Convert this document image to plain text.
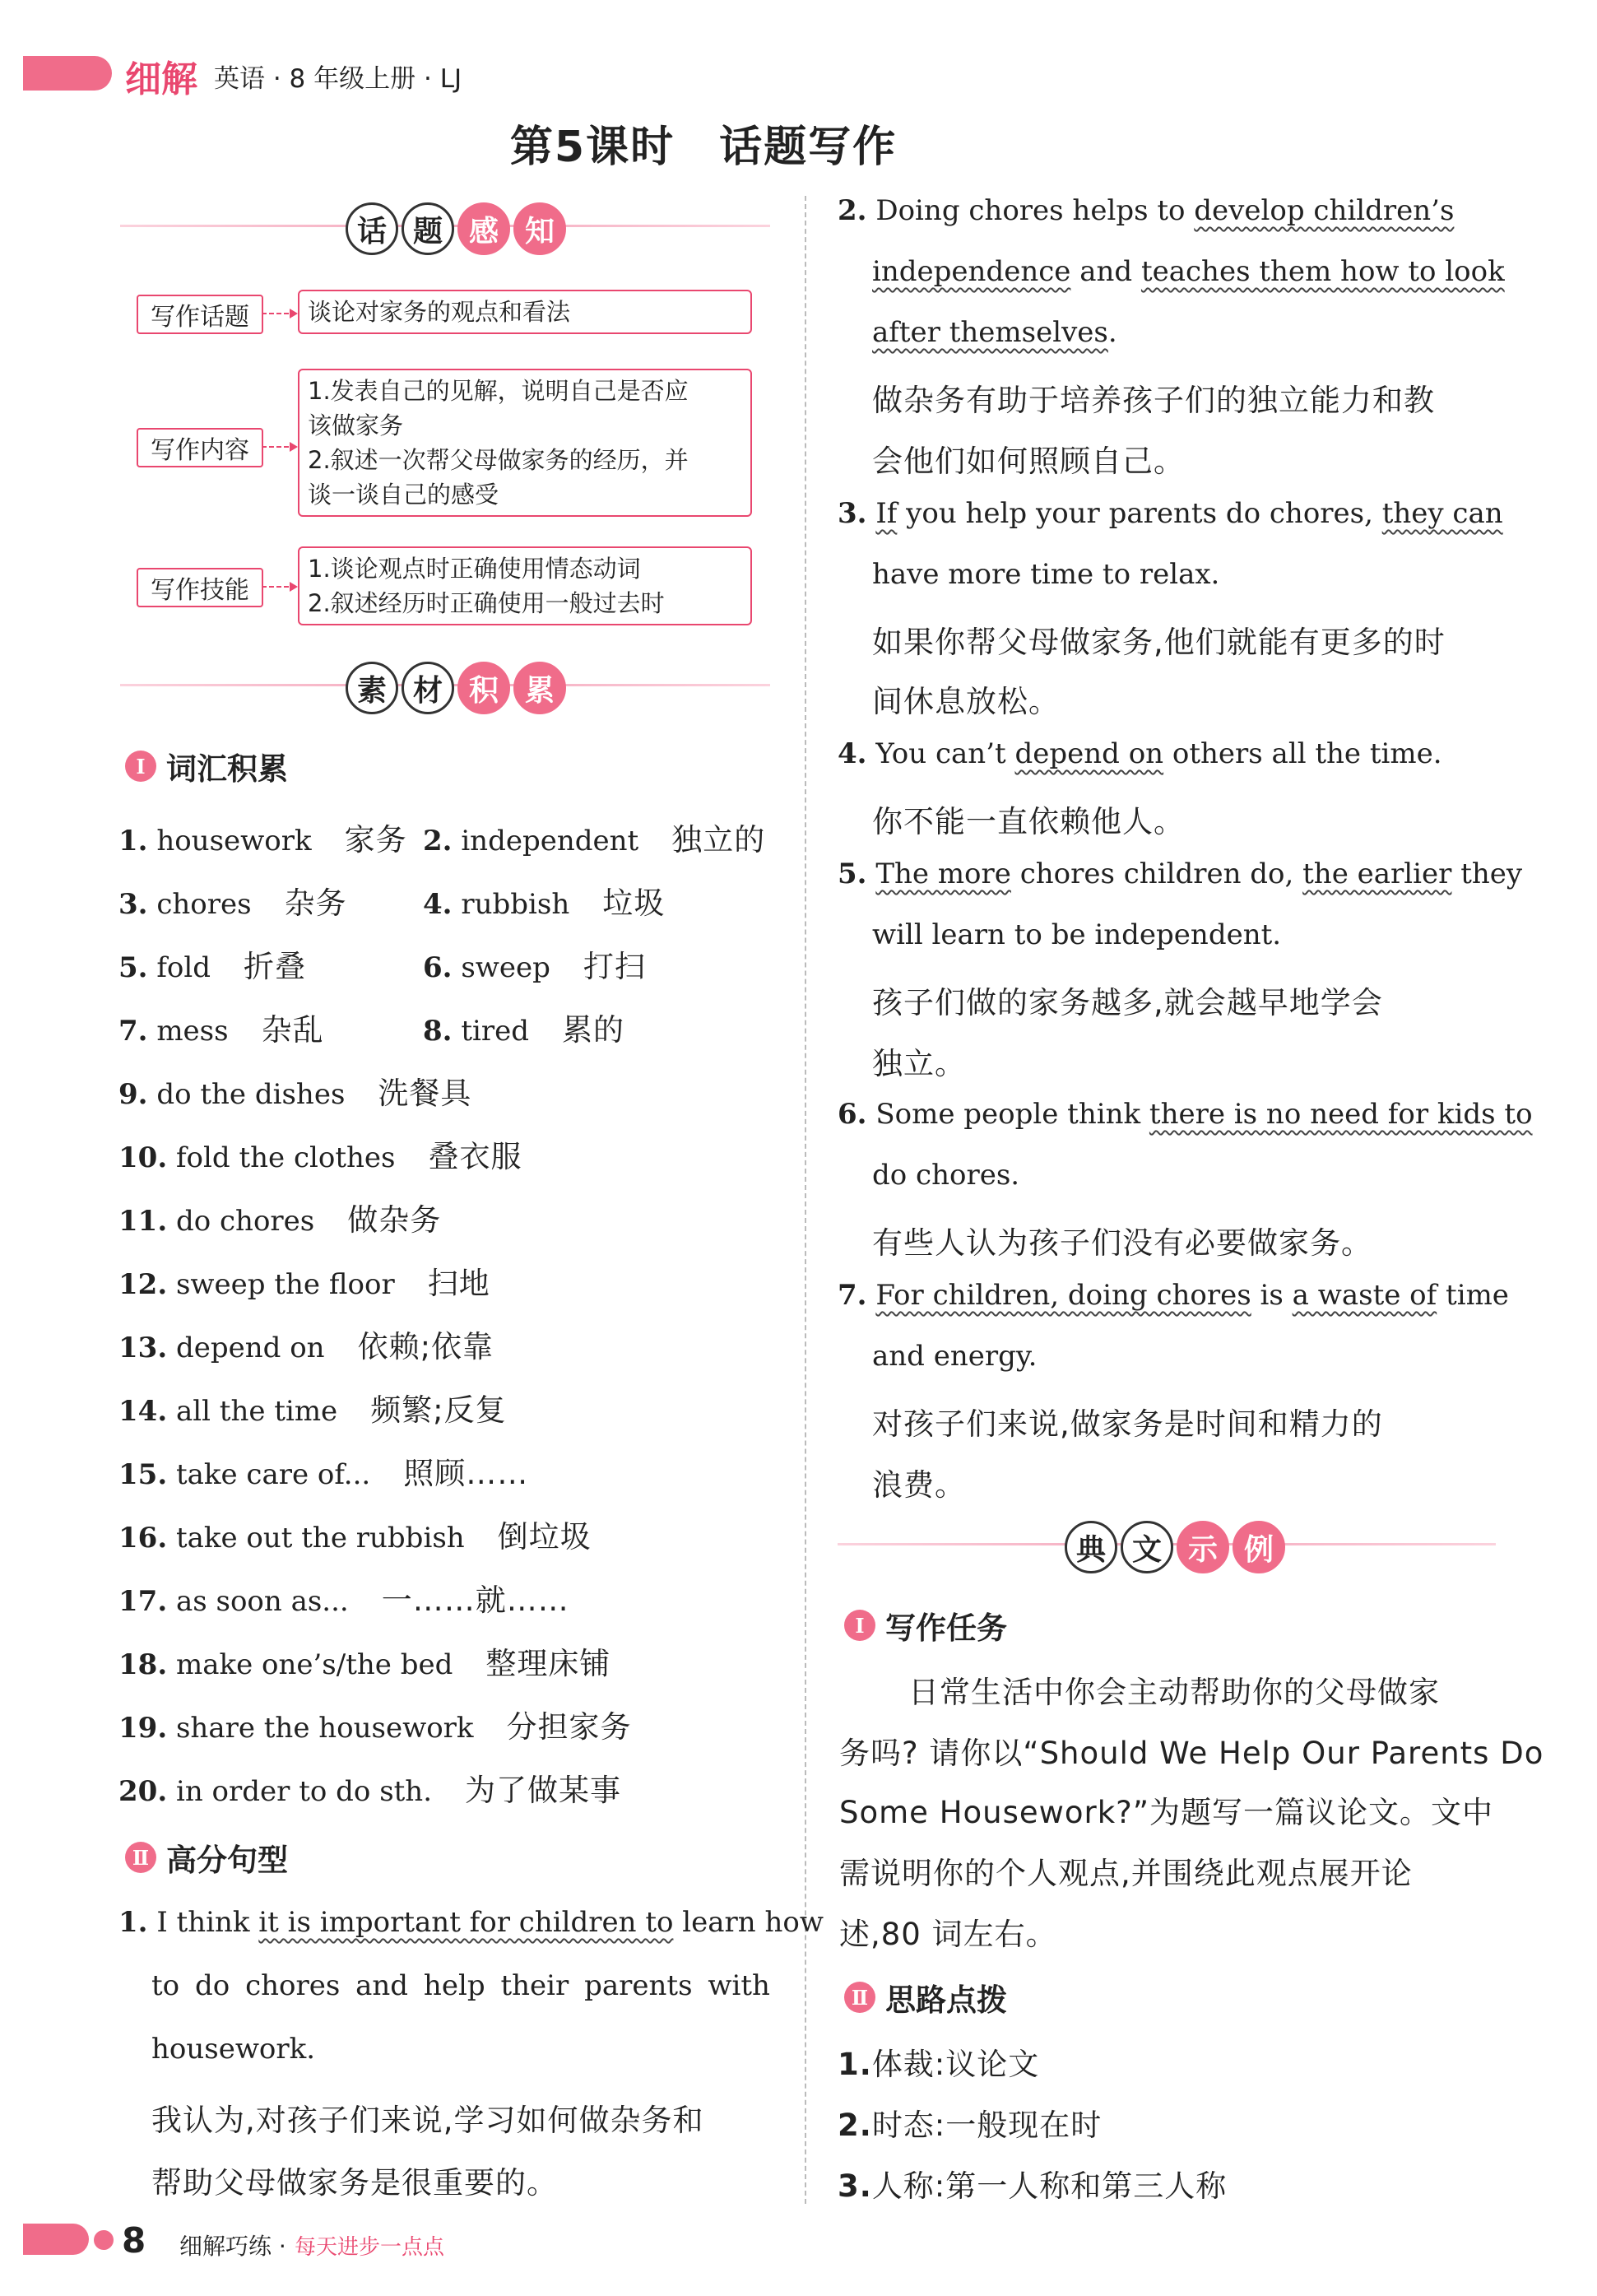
细解 英语 · 8 年级上册 · LJ
第5课时　话题写作
话 题 感 知
写作话题	谈论对家务的观点和看法
写作内容
1.发表自己的见解，说明自己是否应
该做家务
2.叙述一次帮父母做家务的经历，并
谈一谈自己的感受
写作技能
1.谈论观点时正确使用情态动词
2.叙述经历时正确使用一般过去时
素 材 积 累
Ⅰ 词汇积累
1. housework 家务 2. independent 独立的
3. chores 杂务	4. rubbish 垃圾
5. fold 折叠	6. sweep 打扫
7. mess 杂乱	8. tired 累的
9. do the dishes 洗餐具
10. fold the clothes 叠衣服
11. do chores 做杂务
12. sweep the floor 扫地
13. depend on 依赖;依靠
14. all the time 频繁;反复
15. take care of... 照顾……
16. take out the rubbish 倒垃圾
17. as soon as... 一……就……
18. make one’s/the bed 整理床铺
19. share the housework 分担家务
20. in order to do sth. 为了做某事
Ⅱ 高分句型
1. I think it is important for children to learn how
to do chores and help their parents with
housework.
我认为,对孩子们来说,学习如何做杂务和
帮助父母做家务是很重要的。
2. Doing chores helps to develop children’s
independence and teaches them how to look
after themselves.
做杂务有助于培养孩子们的独立能力和教
会他们如何照顾自己。
3. If you help your parents do chores, they can
have more time to relax.
如果你帮父母做家务,他们就能有更多的时
间休息放松。
4. You can’t depend on others all the time.
你不能一直依赖他人。
5. The more chores children do, the earlier they
will learn to be independent.
孩子们做的家务越多,就会越早地学会
独立。
6. Some people think there is no need for kids to
do chores.
有些人认为孩子们没有必要做家务。
7. For children, doing chores is a waste of time
and energy.
对孩子们来说,做家务是时间和精力的
浪费。
典 文 示 例
Ⅰ 写作任务
日常生活中你会主动帮助你的父母做家
务吗? 请你以“Should We Help Our Parents Do
Some Housework?”为题写一篇议论文。文中
需说明你的个人观点,并围绕此观点展开论
述,80 词左右。
Ⅱ 思路点拨
1.体裁:议论文
2.时态:一般现在时
3.人称:第一人称和第三人称
8 细解巧练 · 每天进步一点点
